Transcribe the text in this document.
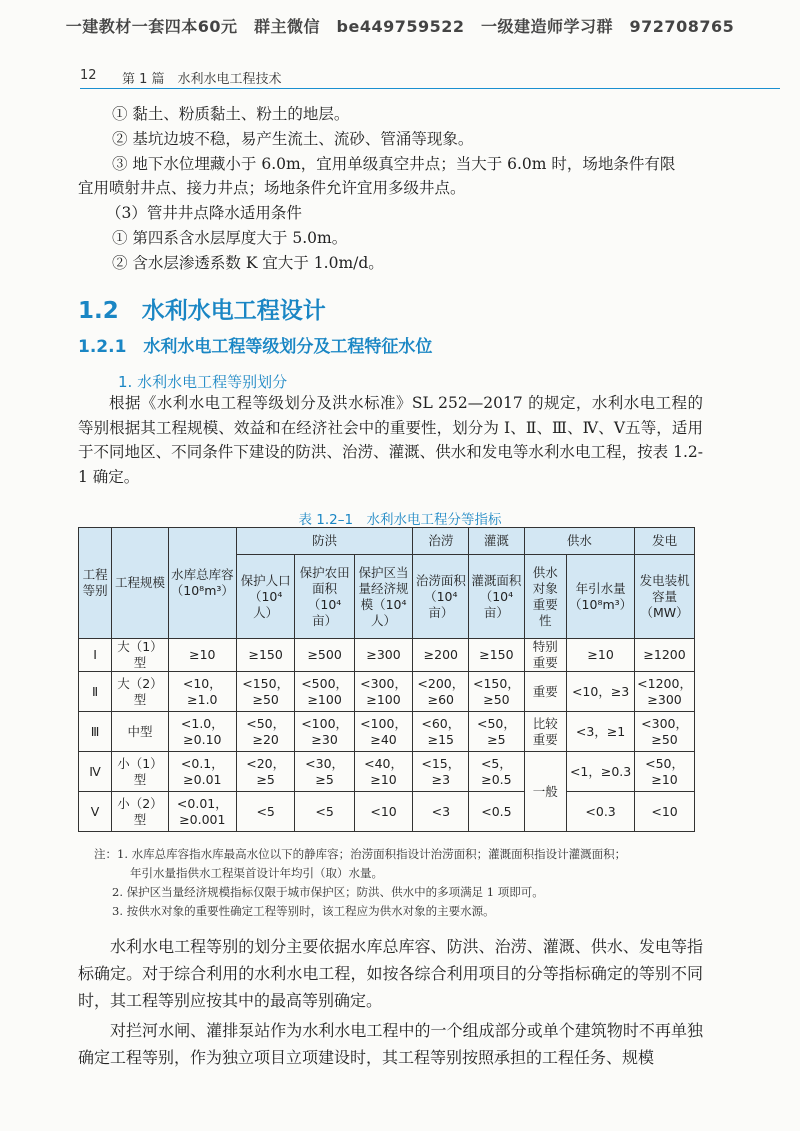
一建教材一套四本60元　群主微信　be449759522　一级建造师学习群　972708765
12 第 1 篇　水利水电工程技术
① 黏土、粉质黏土、粉土的地层。
② 基坑边坡不稳，易产生流土、流砂、管涌等现象。
③ 地下水位埋藏小于 6.0m，宜用单级真空井点；当大于 6.0m 时，场地条件有限
宜用喷射井点、接力井点；场地条件允许宜用多级井点。
（3）管井井点降水适用条件
① 第四系含水层厚度大于 5.0m。
② 含水层渗透系数 K 宜大于 1.0m/d。
1.2　水利水电工程设计
1.2.1　水利水电工程等级划分及工程特征水位
1. 水利水电工程等别划分
根据《水利水电工程等级划分及洪水标准》SL 252—2017 的规定，水利水电工程的等别根据其工程规模、效益和在经济社会中的重要性，划分为 Ⅰ、Ⅱ、Ⅲ、Ⅳ、Ⅴ五等，适用于不同地区、不同条件下建设的防洪、治涝、灌溉、供水和发电等水利水电工程，按表 1.2-1 确定。
表 1.2–1　水利水电工程分等指标
工程等别	工程规模	水库总库容（10⁸m³）	防洪			治涝	灌溉	供水		发电
			保护人口（10⁴ 人）	保护农田面积（10⁴ 亩）	保护区当量经济规模（10⁴ 人）	治涝面积（10⁴ 亩）	灌溉面积（10⁴ 亩）	供水对象重要性	年引水量（10⁸m³）	发电装机容量（MW）
Ⅰ	大（1）型	≥10	≥150	≥500	≥300	≥200	≥150	特别重要	≥10	≥1200
Ⅱ	大（2）型	<10，≥1.0	<150，≥50	<500，≥100	<300，≥100	<200，≥60	<150，≥50	重要	<10，≥3	<1200，≥300
Ⅲ	中型	<1.0，≥0.10	<50，≥20	<100，≥30	<100，≥40	<60，≥15	<50，≥5	比较重要	<3，≥1	<300，≥50
Ⅳ	小（1）型	<0.1，≥0.01	<20，≥5	<30，≥5	<40，≥10	<15，≥3	<5，≥0.5	一般	<1，≥0.3	<50，≥10
Ⅴ	小（2）型	<0.01，≥0.001	<5	<5	<10	<3	<0.5		<0.3	<10
注：1. 水库总库容指水库最高水位以下的静库容；治涝面积指设计治涝面积；灌溉面积指设计灌溉面积；
年引水量指供水工程渠首设计年均引（取）水量。
2. 保护区当量经济规模指标仅限于城市保护区；防洪、供水中的多项满足 1 项即可。
3. 按供水对象的重要性确定工程等别时，该工程应为供水对象的主要水源。
水利水电工程等别的划分主要依据水库总库容、防洪、治涝、灌溉、供水、发电等指标确定。对于综合利用的水利水电工程，如按各综合利用项目的分等指标确定的等别不同时，其工程等别应按其中的最高等别确定。
对拦河水闸、灌排泵站作为水利水电工程中的一个组成部分或单个建筑物时不再单独确定工程等别，作为独立项目立项建设时，其工程等别按照承担的工程任务、规模
